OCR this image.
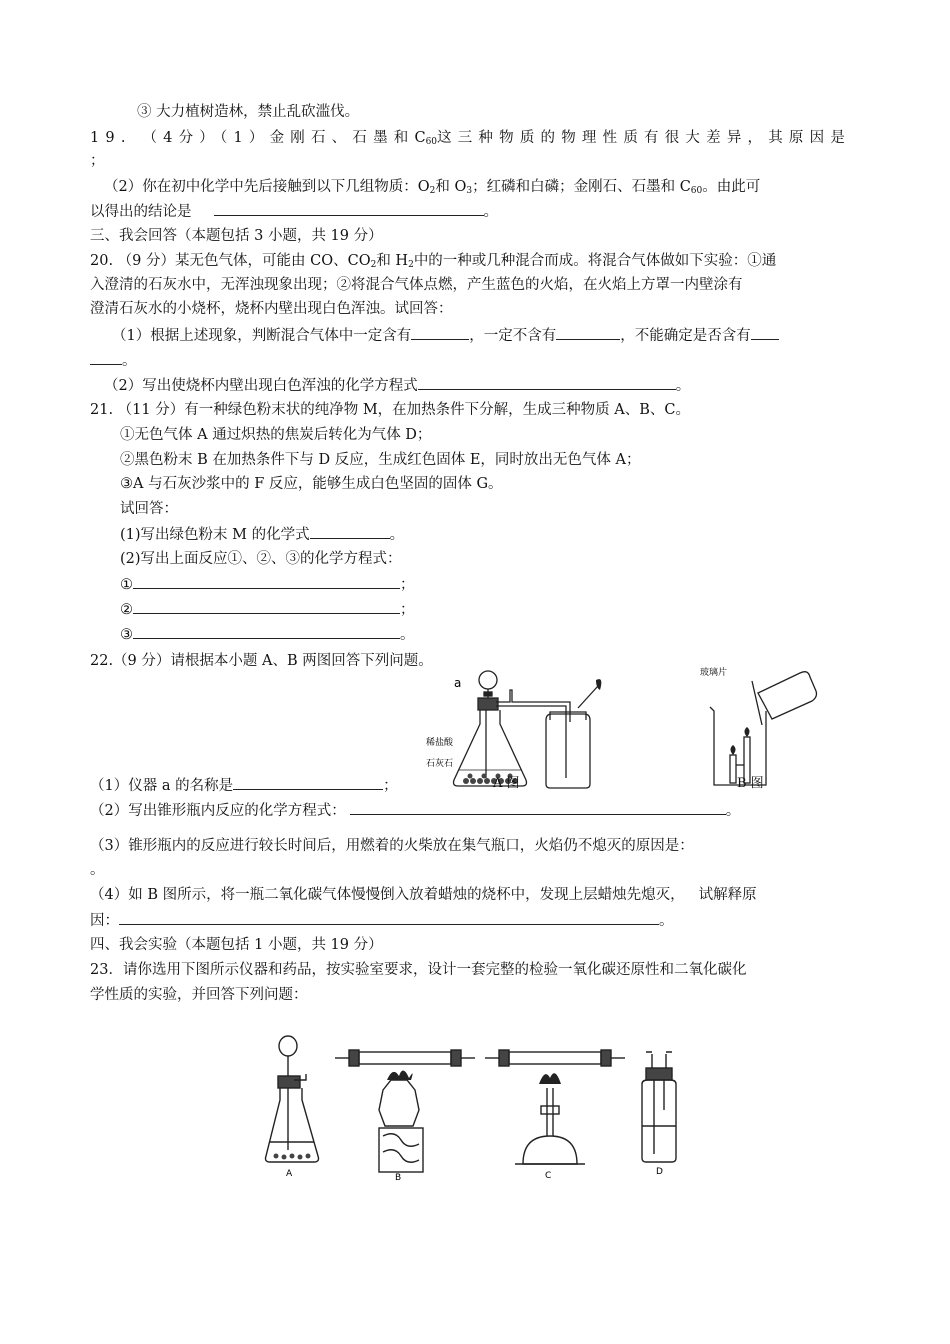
③ 大力植树造林，禁止乱砍滥伐。
19. （4分）（1）金刚石、石墨和$C_{60}$这三种物质的物理性质有很大差异，其原因是
；
（2）你在初中化学中先后接触到以下几组物质：$O_2$和 $O_3$；红磷和白磷；金刚石、石墨和 $C_{60}$。由此可
以得出的结论是	。
三、我会回答（本题包括 3 小题，共 19 分）
20. （9 分）某无色气体，可能由 CO、$CO_2$和 $H_2$中的一种或几种混合而成。将混合气体做如下实验：①通
入澄清的石灰水中，无浑浊现象出现；②将混合气体点燃，产生蓝色的火焰，在火焰上方罩一内壁涂有
澄清石灰水的小烧杯，烧杯内壁出现白色浑浊。试回答：
（1）根据上述现象，判断混合气体中一定含有	，一定不含有	，不能确定是否含有
。
（2）写出使烧杯内壁出现白色浑浊的化学方程式	。
21. （11 分）有一种绿色粉末状的纯净物 M，在加热条件下分解，生成三种物质 A、B、C。
①无色气体 A 通过炽热的焦炭后转化为气体 D；
②黑色粉末 B 在加热条件下与 D 反应，生成红色固体 E，同时放出无色气体 A；
③A 与石灰沙浆中的 F 反应，能够生成白色坚固的固体 G。
试回答：
(1)写出绿色粉末 M 的化学式	。
(2)写出上面反应①、②、③的化学方程式：
①	；
②	；
③	。
22.（9 分）请根据本小题 A、B 两图回答下列问题。
a
稀盐酸
石灰石
A 图
玻璃片
B 图
（1）仪器 a 的名称是	；
（2）写出锥形瓶内反应的化学方程式：	。
（3）锥形瓶内的反应进行较长时间后，用燃着的火柴放在集气瓶口，火焰仍不熄灭的原因是：
。
（4）如 B 图所示，将一瓶二氧化碳气体慢慢倒入放着蜡烛的烧杯中，发现上层蜡烛先熄灭， 试解释原
因：	。
四、我会实验（本题包括 1 小题，共 19 分）
23．请你选用下图所示仪器和药品，按实验室要求，设计一套完整的检验一氧化碳还原性和二氧化碳化
学性质的实验，并回答下列问题：
A	B	C	D
